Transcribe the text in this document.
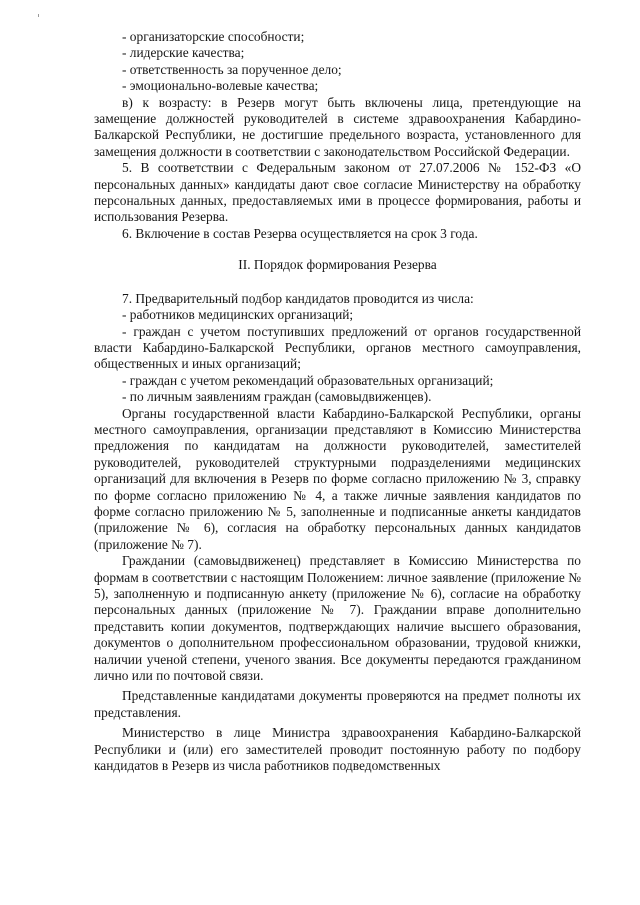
- организаторские способности;

- лидерские качества;

- ответственность за порученное дело;

- эмоционально-волевые качества;

в) к возрасту: в Резерв могут быть включены лица, претендующие на замещение должностей руководителей в системе здравоохранения Кабардино-Балкарской Республики, не достигшие предельного возраста, установленного для замещения должности в соответствии с законодательством Российской Федерации.

5. В соответствии с Федеральным законом от 27.07.2006 № 152-ФЗ «О персональных данных» кандидаты дают свое согласие Министерству на обработку персональных данных, предоставляемых ими в процессе формирования, работы и использования Резерва.

6. Включение в состав Резерва осуществляется на срок 3 года.

II. Порядок формирования Резерва

7. Предварительный подбор кандидатов проводится из числа:

- работников медицинских организаций;

- граждан с учетом поступивших предложений от органов государственной власти Кабардино-Балкарской Республики, органов местного самоуправления, общественных и иных организаций;

- граждан с учетом рекомендаций образовательных организаций;

- по личным заявлениям граждан (самовыдвиженцев).

Органы государственной власти Кабардино-Балкарской Республики, органы местного самоуправления, организации представляют в Комиссию Министерства предложения по кандидатам на должности руководителей, заместителей руководителей, руководителей структурными подразделениями медицинских организаций для включения в Резерв по форме согласно приложению № 3, справку по форме согласно приложению № 4, а также личные заявления кандидатов по форме согласно приложению № 5, заполненные и подписанные анкеты кандидатов (приложение № 6), согласия на обработку персональных данных кандидатов (приложение № 7).

Граждании (самовыдвиженец) представляет в Комиссию Министерства по формам в соответствии с настоящим Положением: личное заявление (приложение № 5), заполненную и подписанную анкету (приложение № 6), согласие на обработку персональных данных (приложение № 7). Граждании вправе дополнительно представить копии документов, подтверждающих наличие высшего образования, документов о дополнительном профессиональном образовании, трудовой книжки, наличии ученой степени, ученого звания. Все документы передаются гражданином лично или по почтовой связи.

Представленные кандидатами документы проверяются на предмет полноты их представления.

Министерство в лице Министра здравоохранения Кабардино-Балкарской Республики и (или) его заместителей проводит постоянную работу по подбору кандидатов в Резерв из числа работников подведомственных
